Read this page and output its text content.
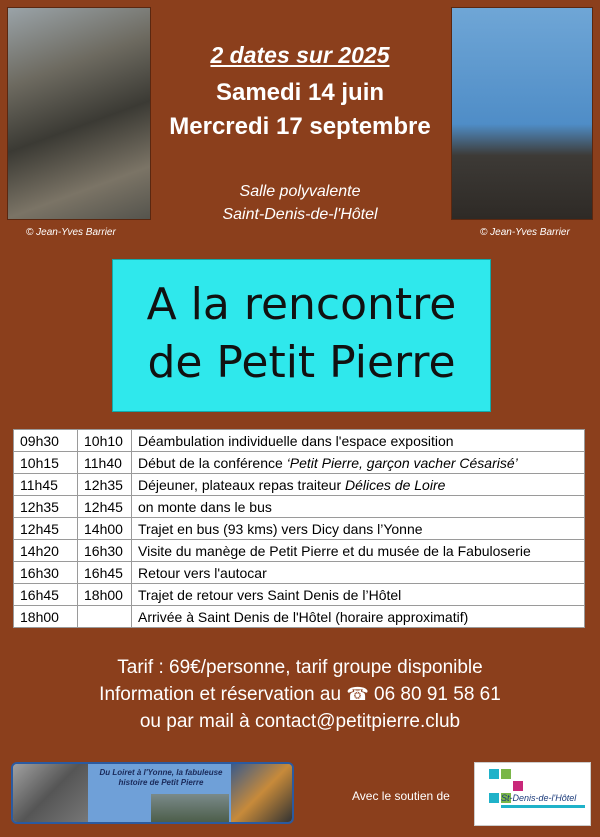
© Jean-Yves Barrier	© Jean-Yves Barrier
2 dates sur 2025
Samedi 14 juin
Mercredi 17 septembre
Salle polyvalente
Saint-Denis-de-l'Hôtel
A la rencontre
de Petit Pierre
09h30	10h10	Déambulation individuelle dans l'espace exposition
10h15	11h40	Début de la conférence ‘Petit Pierre, garçon vacher Césarisé’
11h45	12h35	Déjeuner, plateaux repas traiteur Délices de Loire
12h35	12h45	on monte dans le bus
12h45	14h00	Trajet en bus (93 kms) vers Dicy dans l’Yonne
14h20	16h30	Visite du manège de Petit Pierre et du musée de la Fabuloserie
16h30	16h45	Retour vers l'autocar
16h45	18h00	Trajet de retour vers Saint Denis de l’Hôtel
18h00		Arrivée à Saint Denis de l'Hôtel (horaire approximatif)
Tarif : 69€/personne, tarif groupe disponible
Information et réservation au ☎ 06 80 91 58 61
ou par mail à contact@petitpierre.club
Du Loiret à l'Yonne, la fabuleuse histoire de Petit Pierre
Avec le soutien de	St-Denis-de-l'Hôtel
